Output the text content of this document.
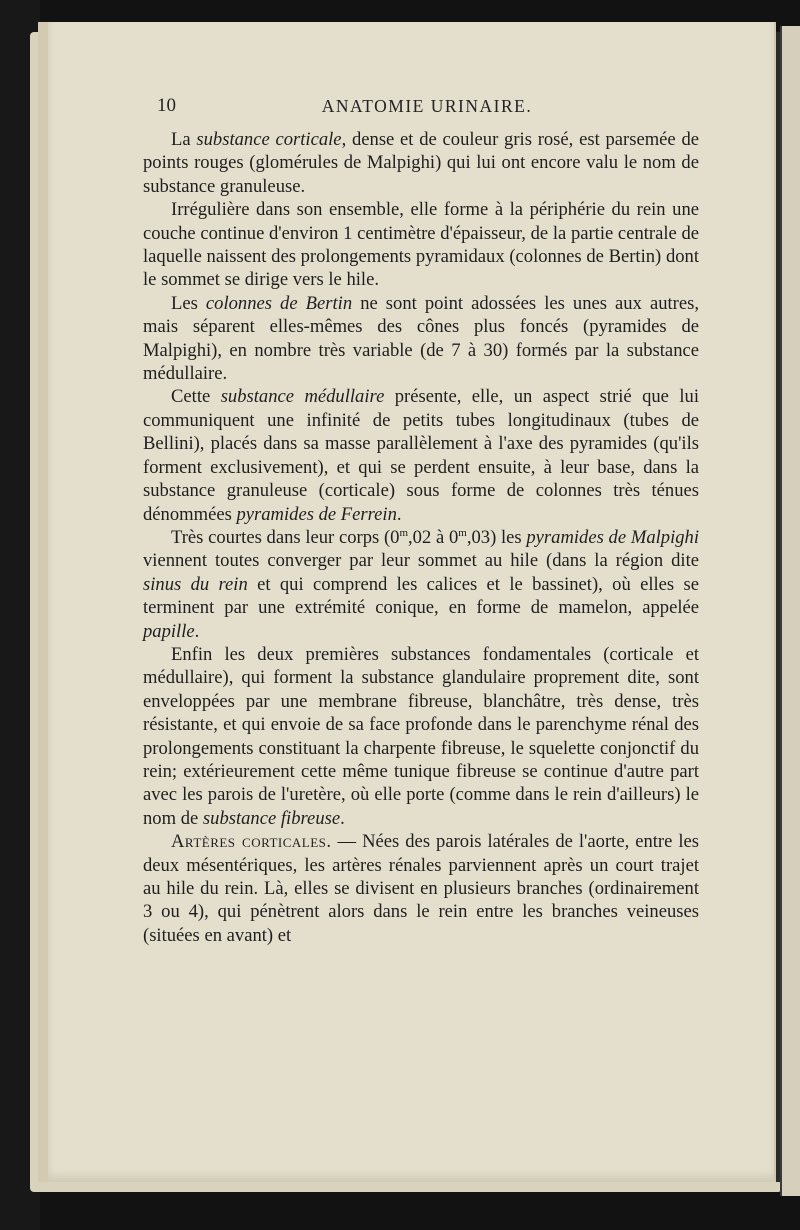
10	ANATOMIE URINAIRE.

La substance corticale, dense et de couleur gris rosé, est parsemée de points rouges (glomérules de Malpighi) qui lui ont encore valu le nom de substance granuleuse.

Irrégulière dans son ensemble, elle forme à la périphérie du rein une couche continue d'environ 1 centimètre d'épaisseur, de la partie centrale de laquelle naissent des prolongements pyramidaux (colonnes de Bertin) dont le sommet se dirige vers le hile.

Les colonnes de Bertin ne sont point adossées les unes aux autres, mais séparent elles-mêmes des cônes plus foncés (pyramides de Malpighi), en nombre très variable (de 7 à 30) formés par la substance médullaire.

Cette substance médullaire présente, elle, un aspect strié que lui communiquent une infinité de petits tubes longitudinaux (tubes de Bellini), placés dans sa masse parallèlement à l'axe des pyramides (qu'ils forment exclusivement), et qui se perdent ensuite, à leur base, dans la substance granuleuse (corticale) sous forme de colonnes très ténues dénommées pyramides de Ferrein.

Très courtes dans leur corps (0$^m$,02 à 0$^m$,03) les pyramides de Malpighi viennent toutes converger par leur sommet au hile (dans la région dite sinus du rein et qui comprend les calices et le bassinet), où elles se terminent par une extrémité conique, en forme de mamelon, appelée papille.

Enfin les deux premières substances fondamentales (corticale et médullaire), qui forment la substance glandulaire proprement dite, sont enveloppées par une membrane fibreuse, blanchâtre, très dense, très résistante, et qui envoie de sa face profonde dans le parenchyme rénal des prolongements constituant la charpente fibreuse, le squelette conjonctif du rein; extérieurement cette même tunique fibreuse se continue d'autre part avec les parois de l'uretère, où elle porte (comme dans le rein d'ailleurs) le nom de substance fibreuse.

Artères corticales. — Nées des parois latérales de l'aorte, entre les deux mésentériques, les artères rénales parviennent après un court trajet au hile du rein. Là, elles se divisent en plusieurs branches (ordinairement 3 ou 4), qui pénètrent alors dans le rein entre les branches veineuses (situées en avant) et
